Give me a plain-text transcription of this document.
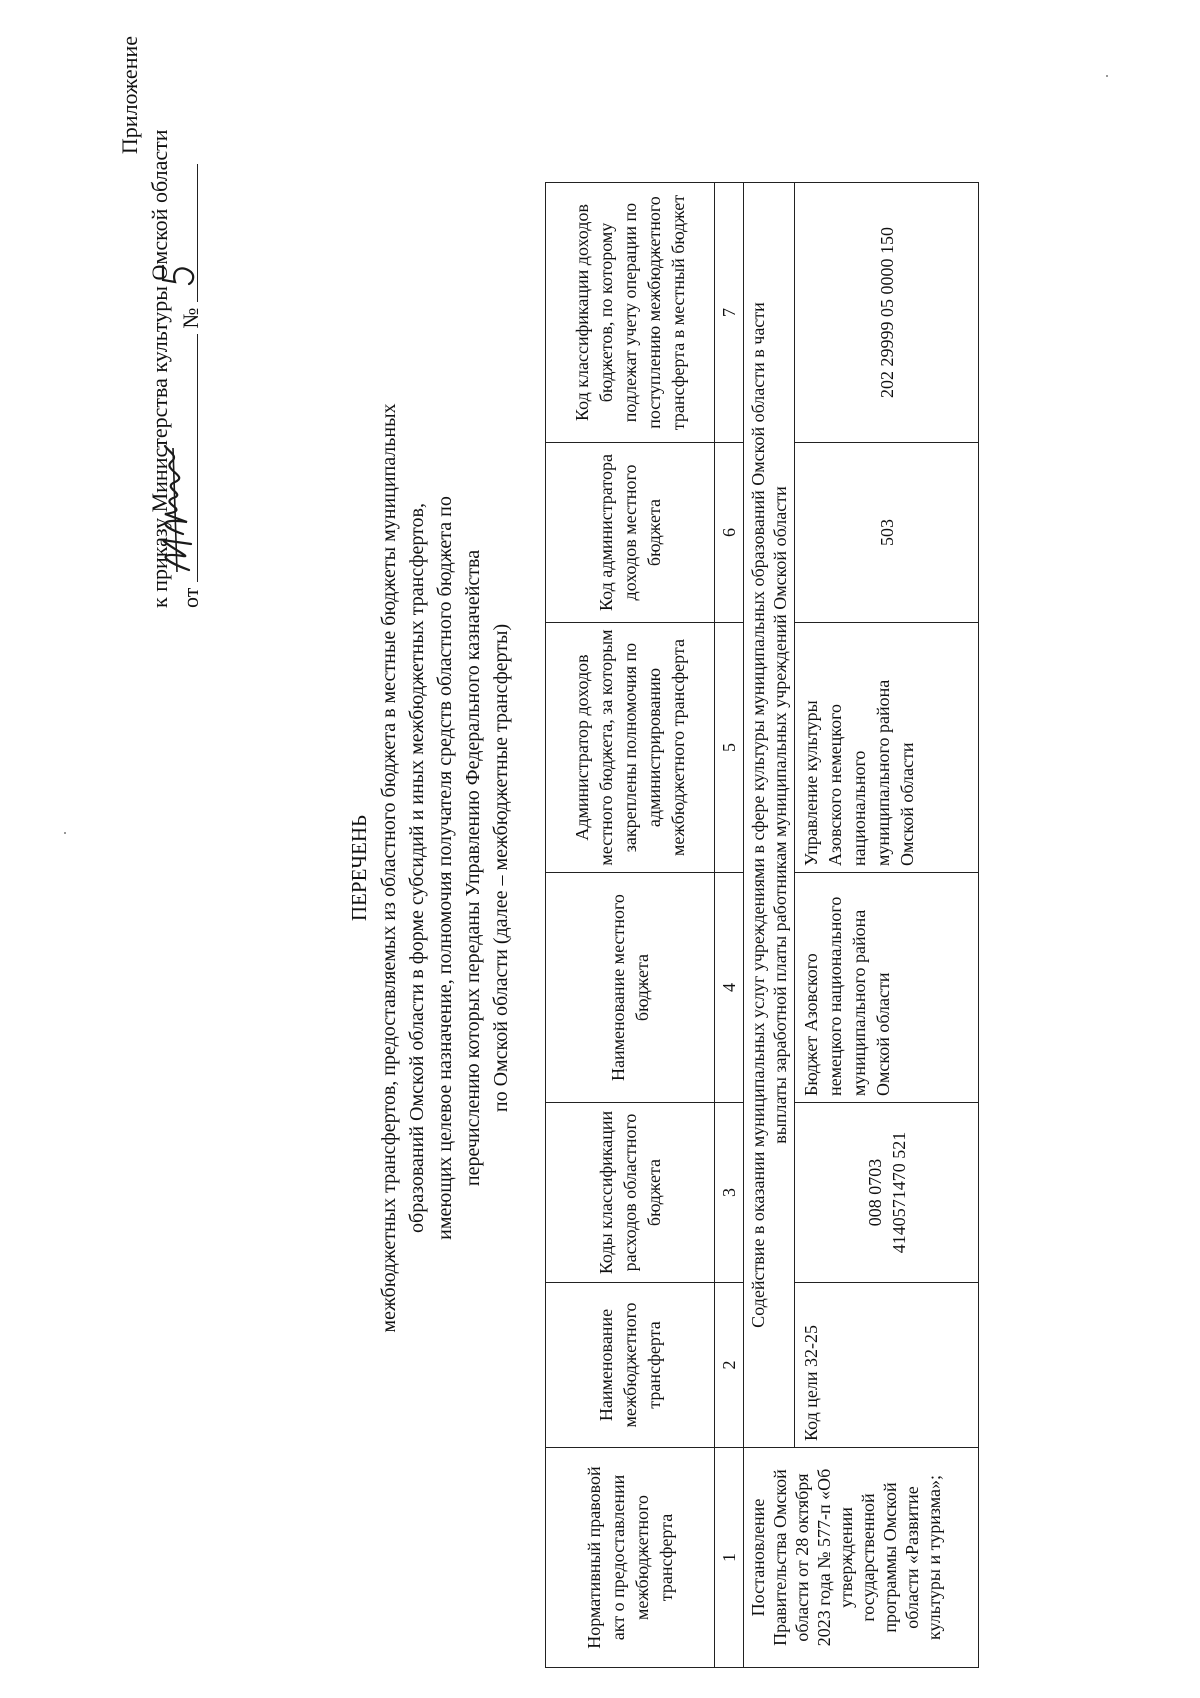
Приложение
к приказу Министерства культуры Омской области от
№
ПЕРЕЧЕНЬ межбюджетных трансфертов, предоставляемых из областного бюджета в местные бюджеты муниципальных образований Омской области в форме субсидий и иных межбюджетных трансфертов, имеющих целевое назначение, полномочия получателя средств областного бюджета по перечислению которых переданы Управлению Федерального казначейства по Омской области (далее – межбюджетные трансферты)
Нормативный правовой акт о предоставлении межбюджетного трансферта	Наименование межбюджетного трансферта	Коды классификации расходов областного бюджета	Наименование местного бюджета	Администратор доходов местного бюджета, за которым закреплены полномочия по администрированию межбюджетного трансферта	Код администратора доходов местного бюджета	Код классификации доходов бюджетов, по которому подлежат учету операции по поступлению межбюджетного трансферта в местный бюджет
1	2	3	4	5	6	7
Постановление Правительства Омской области от 28 октября 2023 года № 577-п «Об утверждении государственной программы Омской области «Развитие культуры и туризма»;	Содействие в оказании муниципальных услуг учреждениями в сфере культуры муниципальных образований Омской области в части выплаты заработной платы работникам муниципальных учреждений Омской области					

	Код цели 32-25	008 0703 4140571470 521	Бюджет Азовского немецкого национального муниципального района Омской области	Управление культуры Азовского немецкого национального муниципального района Омской области	503	202 29999 05 0000 150
